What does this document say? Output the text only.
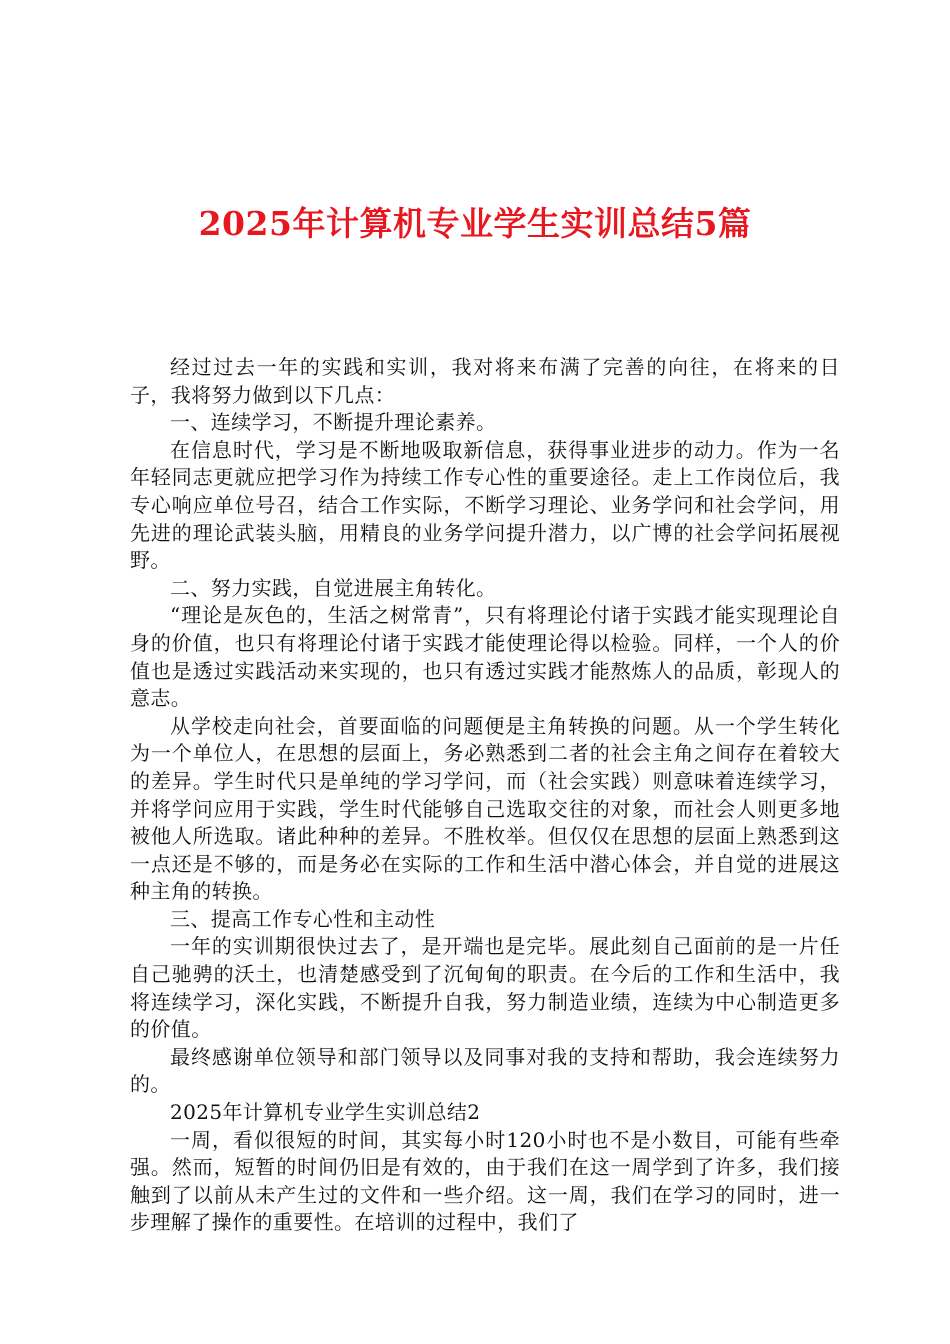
2025年计算机专业学生实训总结5篇

经过过去一年的实践和实训，我对将来布满了完善的向往，在将来的日子，我将努力做到以下几点：

一、连续学习，不断提升理论素养。

在信息时代，学习是不断地吸取新信息，获得事业进步的动力。作为一名年轻同志更就应把学习作为持续工作专心性的重要途径。走上工作岗位后，我专心响应单位号召，结合工作实际，不断学习理论、业务学问和社会学问，用先进的理论武装头脑，用精良的业务学问提升潜力，以广博的社会学问拓展视野。

二、努力实践，自觉进展主角转化。

“理论是灰色的，生活之树常青”，只有将理论付诸于实践才能实现理论自身的价值，也只有将理论付诸于实践才能使理论得以检验。同样，一个人的价值也是透过实践活动来实现的，也只有透过实践才能熬炼人的品质，彰现人的意志。

从学校走向社会，首要面临的问题便是主角转换的问题。从一个学生转化为一个单位人，在思想的层面上，务必熟悉到二者的社会主角之间存在着较大的差异。学生时代只是单纯的学习学问，而（社会实践）则意味着连续学习，并将学问应用于实践，学生时代能够自己选取交往的对象，而社会人则更多地被他人所选取。诸此种种的差异。不胜枚举。但仅仅在思想的层面上熟悉到这一点还是不够的，而是务必在实际的工作和生活中潜心体会，并自觉的进展这种主角的转换。

三、提高工作专心性和主动性

一年的实训期很快过去了，是开端也是完毕。展此刻自己面前的是一片任自己驰骋的沃土，也清楚感受到了沉甸甸的职责。在今后的工作和生活中，我将连续学习，深化实践，不断提升自我，努力制造业绩，连续为中心制造更多的价值。

最终感谢单位领导和部门领导以及同事对我的支持和帮助，我会连续努力的。

2025年计算机专业学生实训总结2

一周，看似很短的时间，其实每小时120小时也不是小数目，可能有些牵强。然而，短暂的时间仍旧是有效的，由于我们在这一周学到了许多，我们接触到了以前从未产生过的文件和一些介绍。这一周，我们在学习的同时，进一步理解了操作的重要性。在培训的过程中，我们了
